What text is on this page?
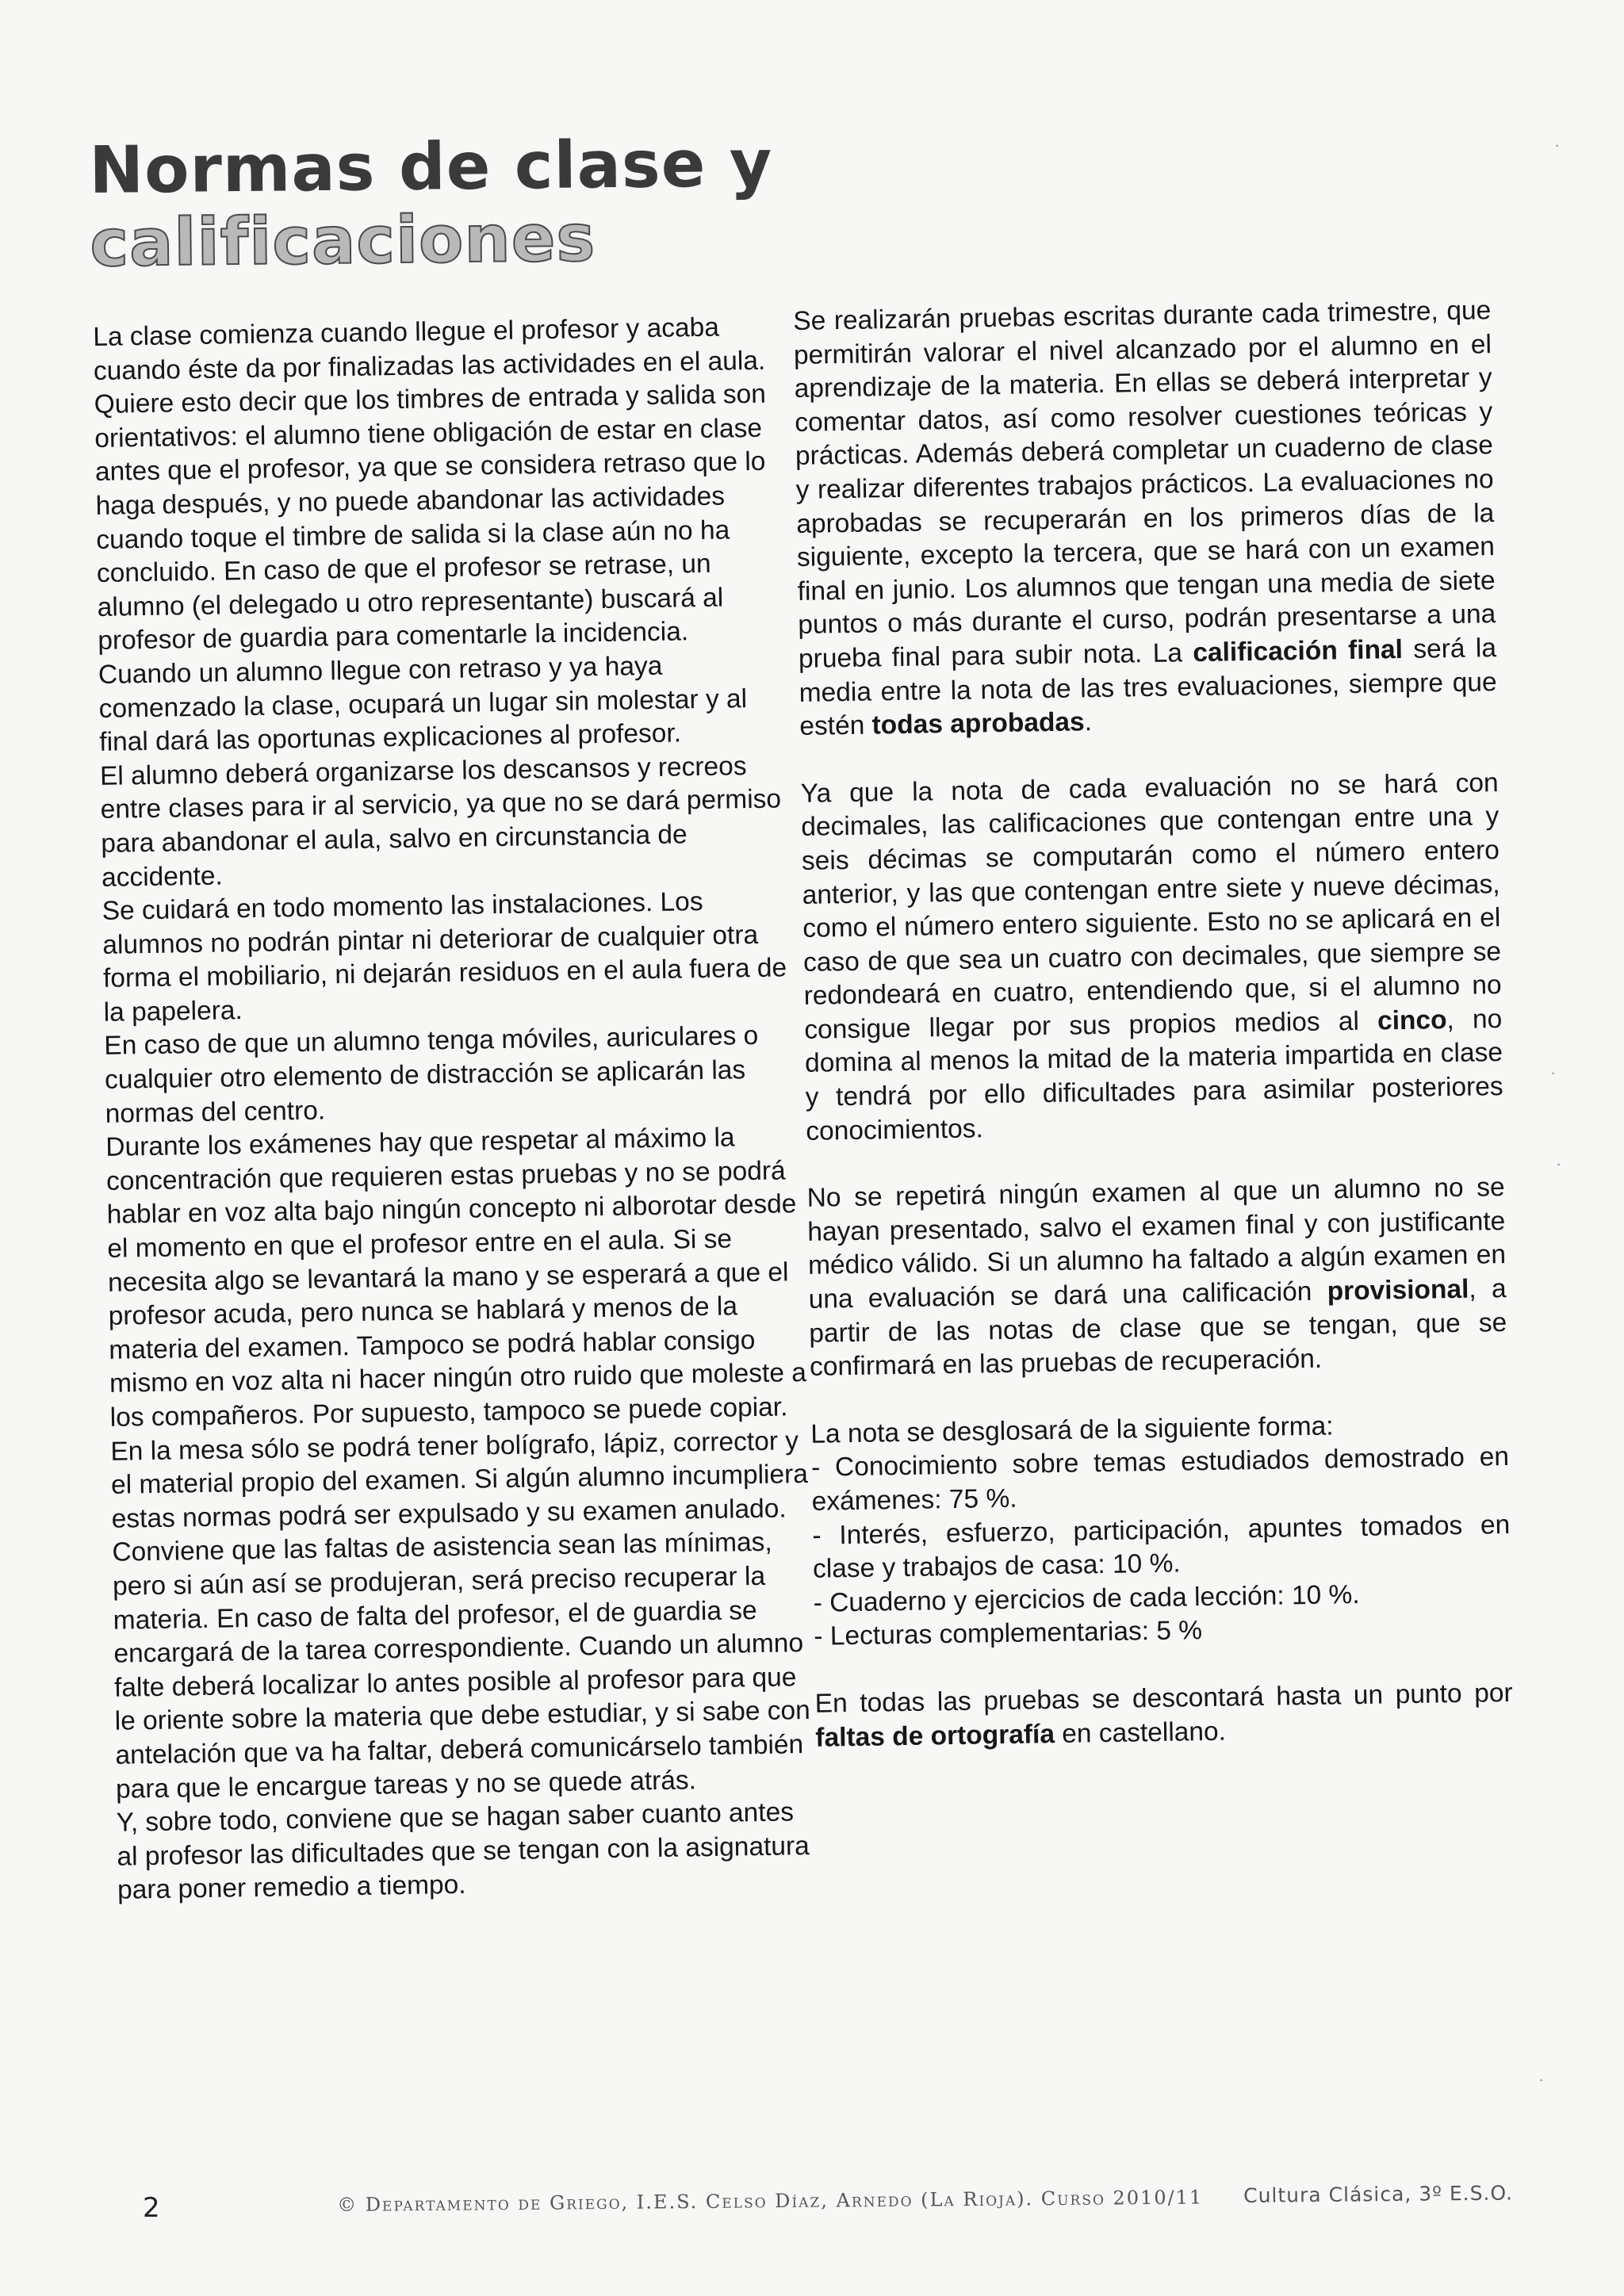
Normas de clase y
calificaciones

La clase comienza cuando llegue el profesor y acaba cuando éste da por finalizadas las actividades en el aula. Quiere esto decir que los timbres de entrada y salida son orientativos: el alumno tiene obligación de estar en clase antes que el profesor, ya que se considera retraso que lo haga después, y no puede abandonar las actividades cuando toque el timbre de salida si la clase aún no ha concluido. En caso de que el profesor se retrase, un alumno (el delegado u otro representante) buscará al profesor de guardia para comentarle la incidencia.

Cuando un alumno llegue con retraso y ya haya comenzado la clase, ocupará un lugar sin molestar y al final dará las oportunas explicaciones al profesor.

El alumno deberá organizarse los descansos y recreos entre clases para ir al servicio, ya que no se dará permiso para abandonar el aula, salvo en circunstancia de accidente.

Se cuidará en todo momento las instalaciones. Los alumnos no podrán pintar ni deteriorar de cualquier otra forma el mobiliario, ni dejarán residuos en el aula fuera de la papelera.

En caso de que un alumno tenga móviles, auriculares o cualquier otro elemento de distracción se aplicarán las normas del centro.

Durante los exámenes hay que respetar al máximo la concentración que requieren estas pruebas y no se podrá hablar en voz alta bajo ningún concepto ni alborotar desde el momento en que el profesor entre en el aula. Si se necesita algo se levantará la mano y se esperará a que el profesor acuda, pero nunca se hablará y menos de la materia del examen. Tampoco se podrá hablar consigo mismo en voz alta ni hacer ningún otro ruido que moleste a los compañeros. Por supuesto, tampoco se puede copiar. En la mesa sólo se podrá tener bolígrafo, lápiz, corrector y el material propio del examen. Si algún alumno incumpliera estas normas podrá ser expulsado y su examen anulado.

Conviene que las faltas de asistencia sean las mínimas, pero si aún así se produjeran, será preciso recuperar la materia. En caso de falta del profesor, el de guardia se encargará de la tarea correspondiente. Cuando un alumno falte deberá localizar lo antes posible al profesor para que le oriente sobre la materia que debe estudiar, y si sabe con antelación que va ha faltar, deberá comunicárselo también para que le encargue tareas y no se quede atrás.

Y, sobre todo, conviene que se hagan saber cuanto antes al profesor las dificultades que se tengan con la asignatura para poner remedio a tiempo.

Se realizarán pruebas escritas durante cada trimestre, que permitirán valorar el nivel alcanzado por el alumno en el aprendizaje de la materia. En ellas se deberá interpretar y comentar datos, así como resolver cuestiones teóricas y prácticas. Además deberá completar un cuaderno de clase y realizar diferentes trabajos prácticos. La evaluaciones no aprobadas se recuperarán en los primeros días de la siguiente, excepto la tercera, que se hará con un examen final en junio. Los alumnos que tengan una media de siete puntos o más durante el curso, podrán presentarse a una prueba final para subir nota. La calificación final será la media entre la nota de las tres evaluaciones, siempre que estén todas aprobadas.

Ya que la nota de cada evaluación no se hará con decimales, las calificaciones que contengan entre una y seis décimas se computarán como el número entero anterior, y las que contengan entre siete y nueve décimas, como el número entero siguiente. Esto no se aplicará en el caso de que sea un cuatro con decimales, que siempre se redondeará en cuatro, entendiendo que, si el alumno no consigue llegar por sus propios medios al cinco, no domina al menos la mitad de la materia impartida en clase y tendrá por ello dificultades para asimilar posteriores conocimientos.

No se repetirá ningún examen al que un alumno no se hayan presentado, salvo el examen final y con justificante médico válido. Si un alumno ha faltado a algún examen en una evaluación se dará una calificación provisional, a partir de las notas de clase que se tengan, que se confirmará en las pruebas de recuperación.

La nota se desglosará de la siguiente forma:

- Conocimiento sobre temas estudiados demostrado en exámenes: 75 %.

- Interés, esfuerzo, participación, apuntes tomados en clase y trabajos de casa: 10 %.

- Cuaderno y ejercicios de cada lección: 10 %.

- Lecturas complementarias: 5 %

En todas las pruebas se descontará hasta un punto por faltas de ortografía en castellano.

2	© Departamento de Griego, I.E.S. Celso Díaz, Arnedo (La Rioja). Curso 2010/11 Cultura Clásica, 3º E.S.O.
·
·
·
·
